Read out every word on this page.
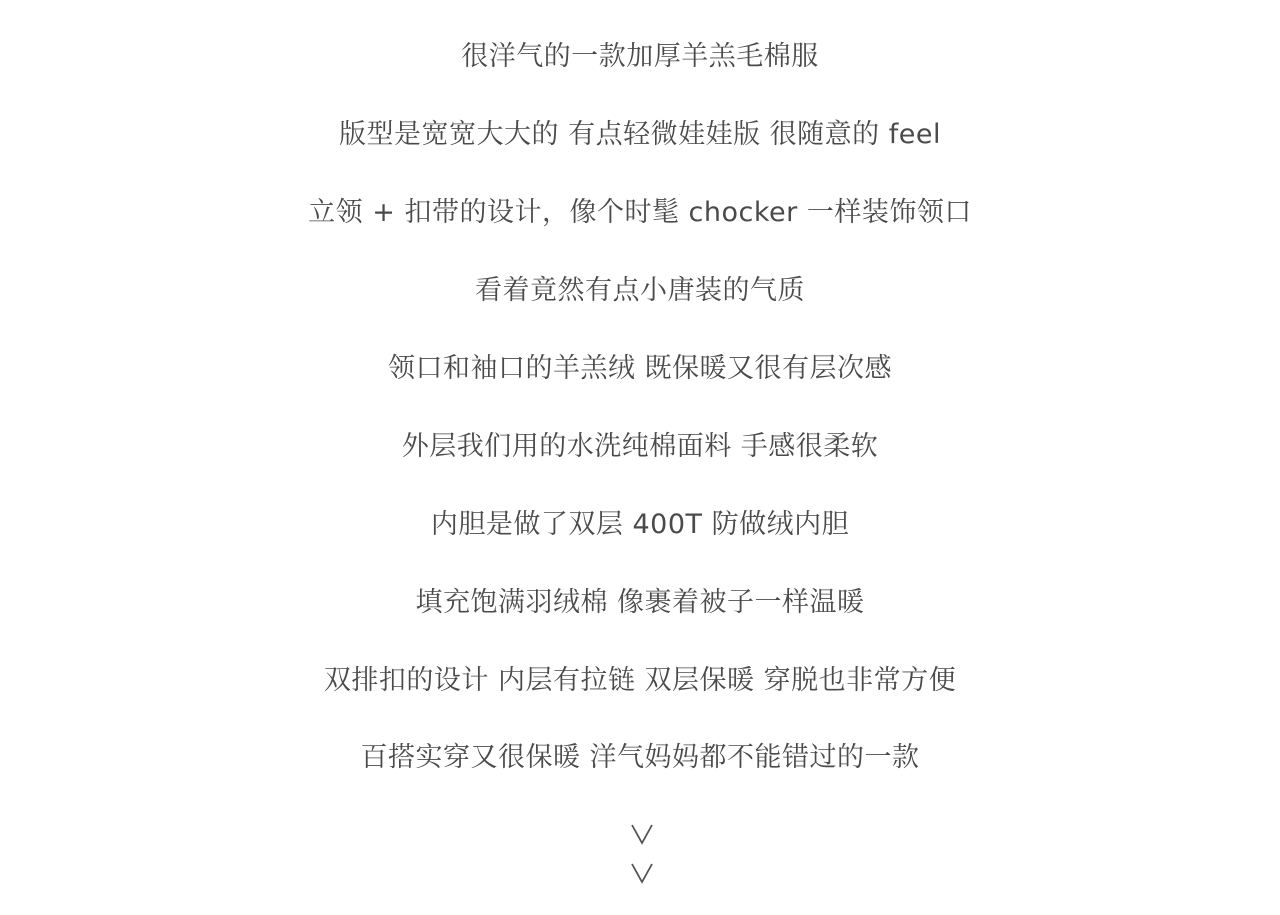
很洋气的一款加厚羊羔毛棉服
版型是宽宽大大的 有点轻微娃娃版 很随意的 feel
立领 + 扣带的设计，像个时髦 chocker 一样装饰领口
看着竟然有点小唐装的气质
领口和袖口的羊羔绒 既保暖又很有层次感
外层我们用的水洗纯棉面料 手感很柔软
内胆是做了双层 400T 防做绒内胆
填充饱满羽绒棉 像裹着被子一样温暖
双排扣的设计 内层有拉链 双层保暖 穿脱也非常方便
百搭实穿又很保暖 洋气妈妈都不能错过的一款
